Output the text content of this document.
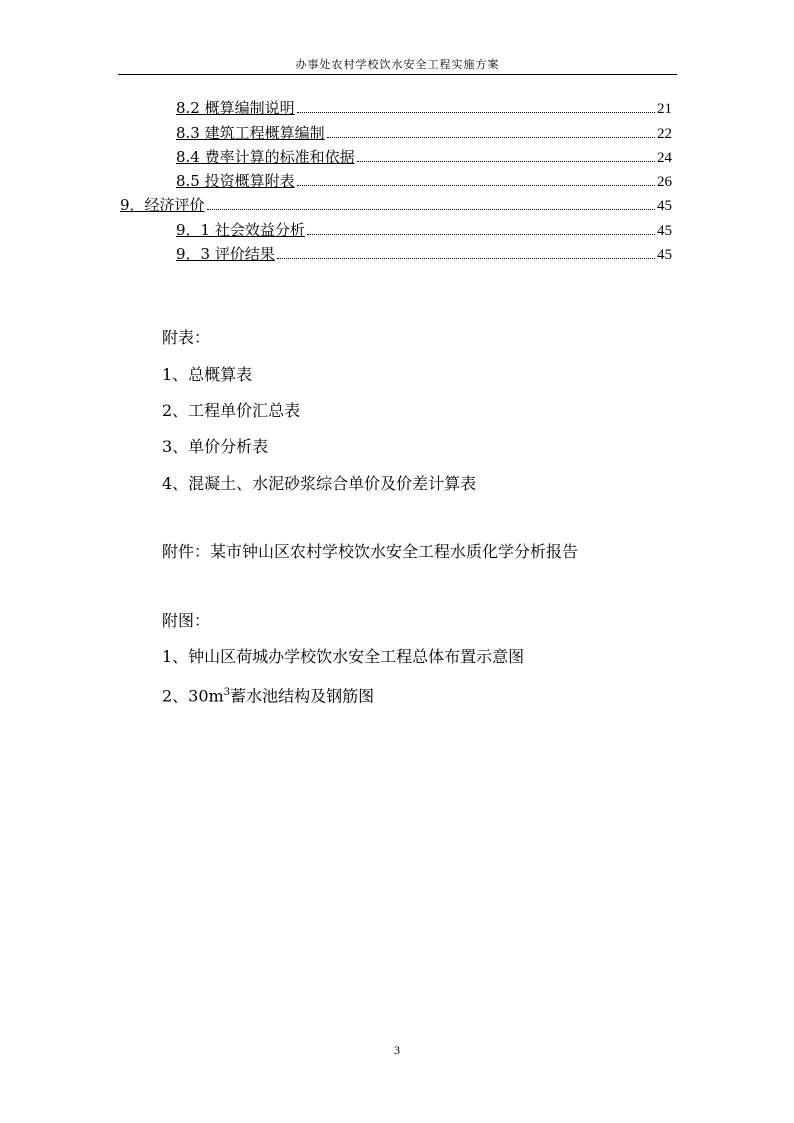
办事处农村学校饮水安全工程实施方案
8.2 概算编制说明	21
8.3 建筑工程概算编制	22
8.4 费率计算的标准和依据	24
8.5 投资概算附表	26
9．经济评价	45
9．1 社会效益分析	45
9．3 评价结果	45
附表：
1、总概算表
2、工程单价汇总表
3、单价分析表
4、混凝土、水泥砂浆综合单价及价差计算表
附件：某市钟山区农村学校饮水安全工程水质化学分析报告
附图：
1、钟山区荷城办学校饮水安全工程总体布置示意图
2、$30m^3$蓄水池结构及钢筋图
3
